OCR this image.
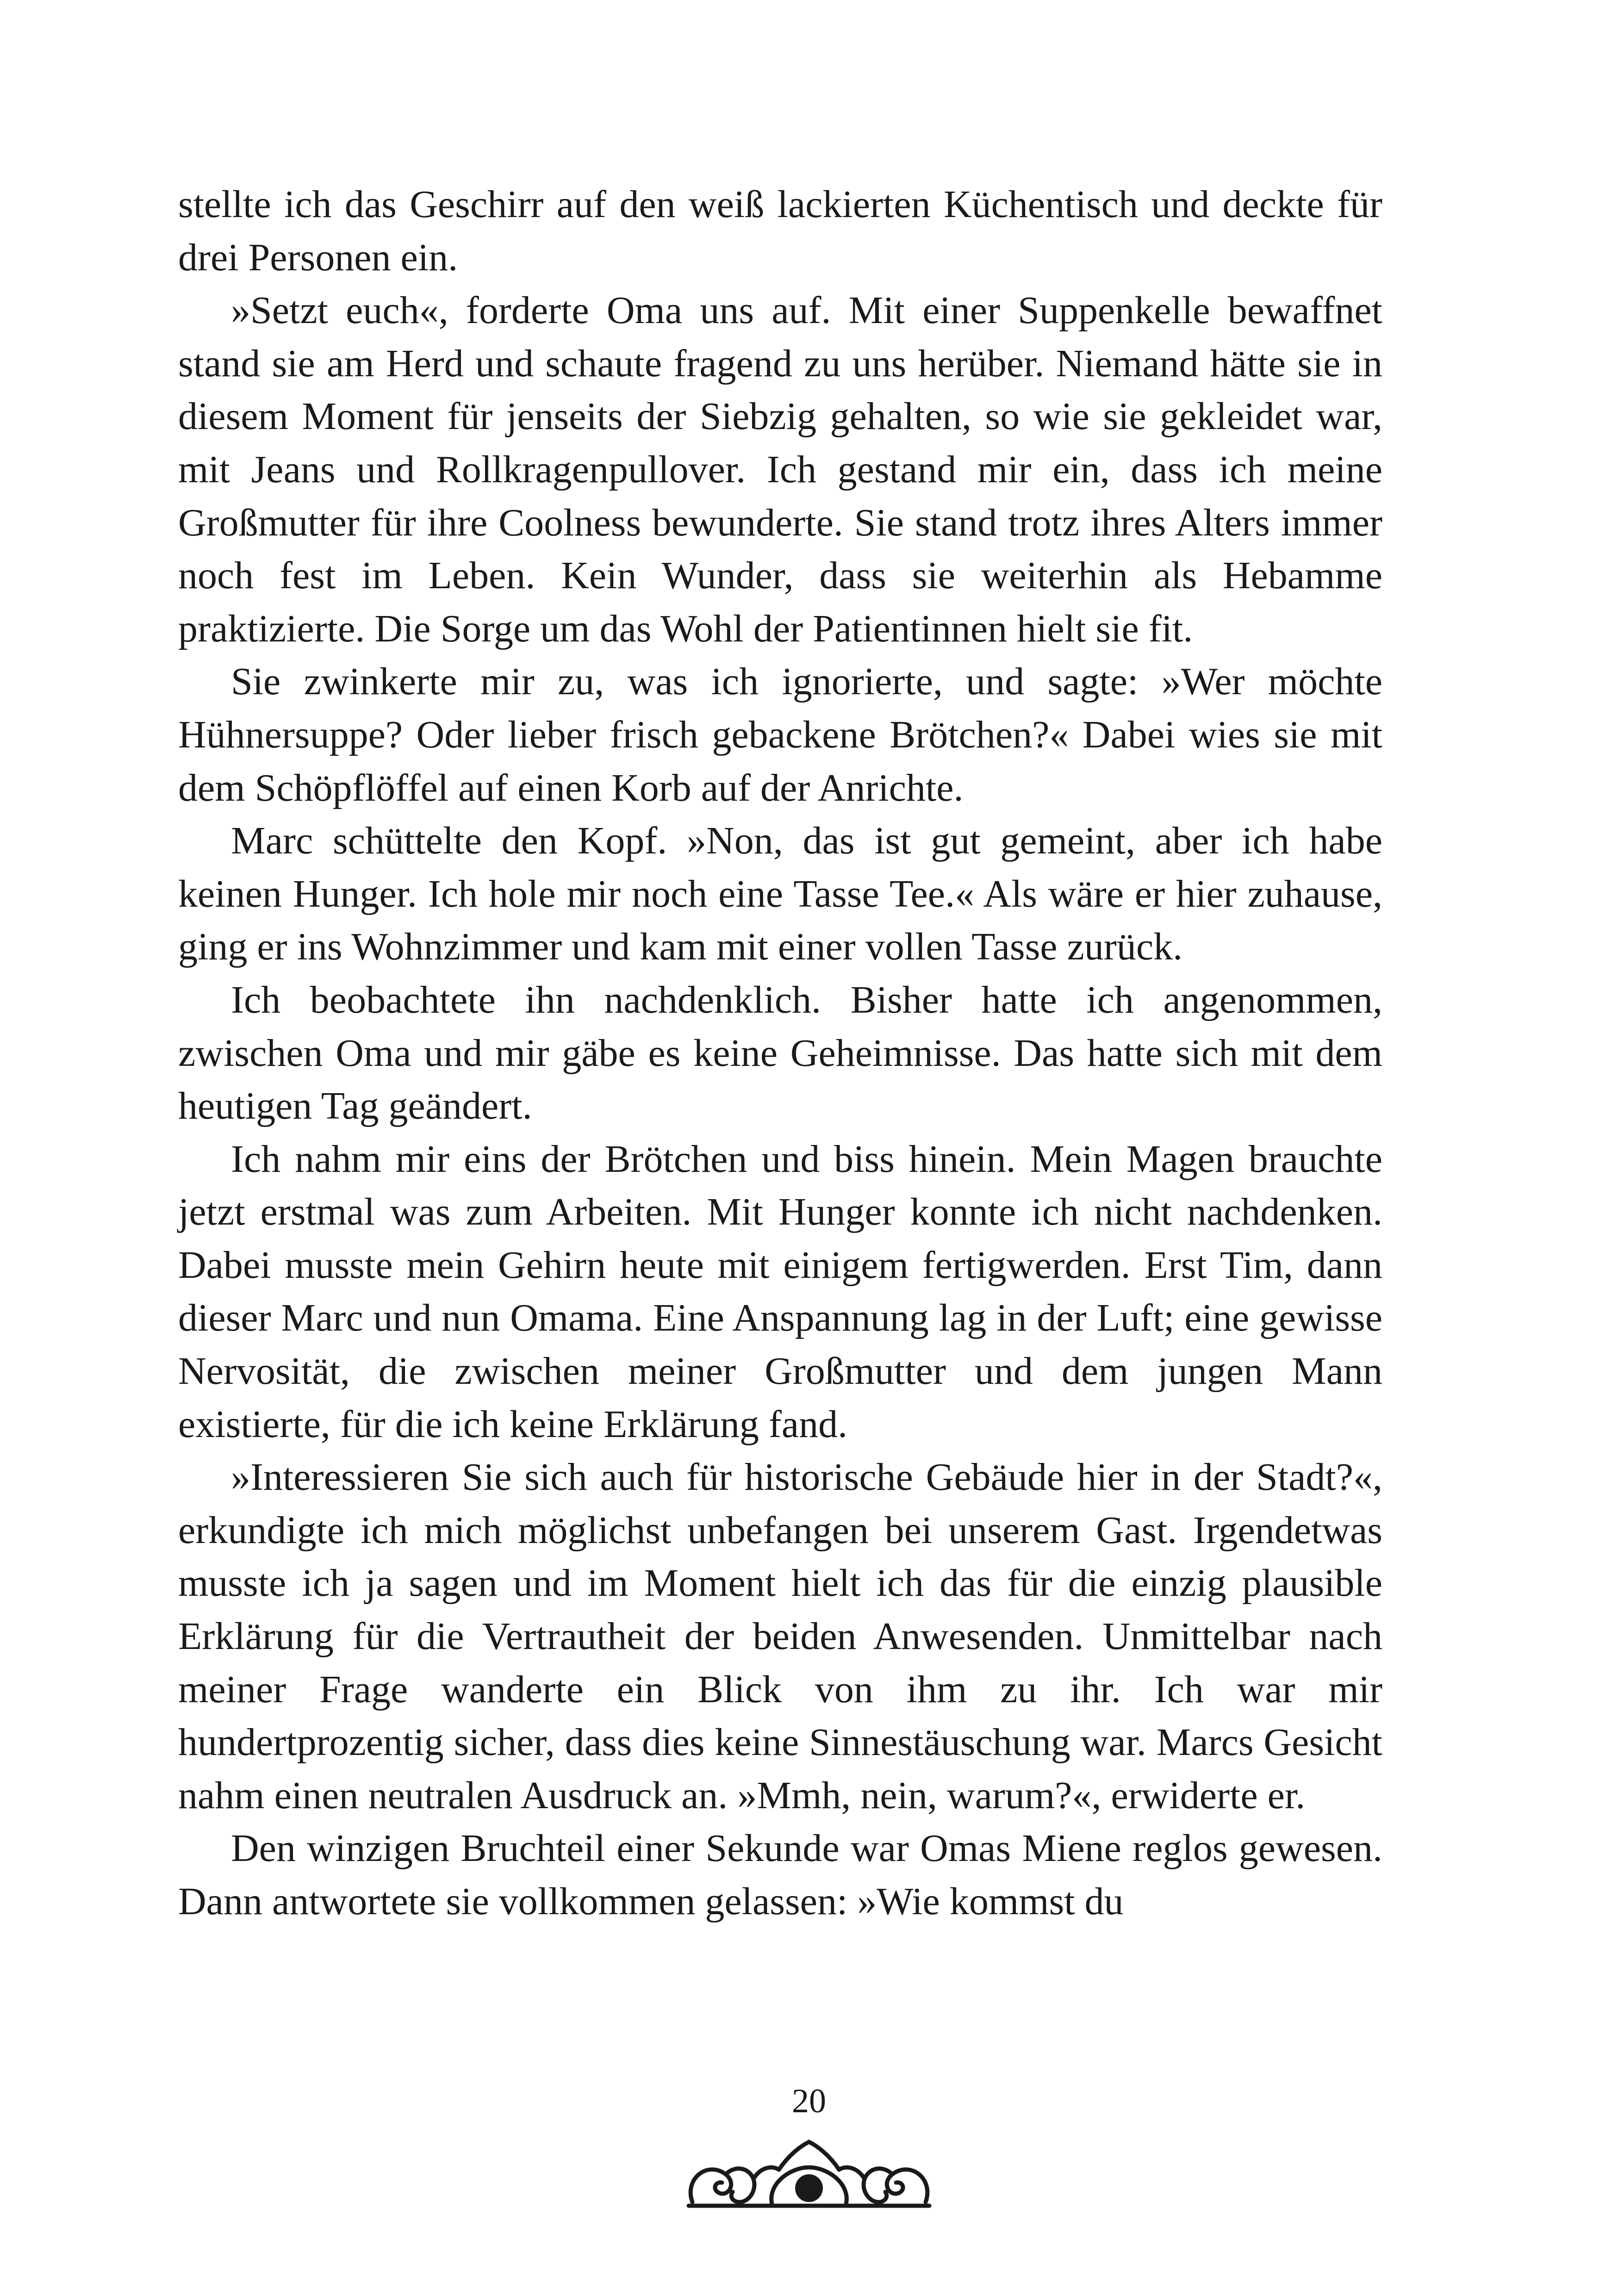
stellte ich das Geschirr auf den weiß lackierten Küchentisch und deckte für drei Personen ein.

»Setzt euch«, forderte Oma uns auf. Mit einer Suppenkelle bewaffnet stand sie am Herd und schaute fragend zu uns herüber. Niemand hätte sie in diesem Moment für jenseits der Siebzig gehalten, so wie sie gekleidet war, mit Jeans und Rollkragenpullover. Ich gestand mir ein, dass ich meine Großmutter für ihre Coolness bewunderte. Sie stand trotz ihres Alters immer noch fest im Leben. Kein Wunder, dass sie weiterhin als Hebamme praktizierte. Die Sorge um das Wohl der Patientinnen hielt sie fit.

Sie zwinkerte mir zu, was ich ignorierte, und sagte: »Wer möchte Hühnersuppe? Oder lieber frisch gebackene Brötchen?« Dabei wies sie mit dem Schöpflöffel auf einen Korb auf der Anrichte.

Marc schüttelte den Kopf. »Non, das ist gut gemeint, aber ich habe keinen Hunger. Ich hole mir noch eine Tasse Tee.« Als wäre er hier zuhause, ging er ins Wohnzimmer und kam mit einer vollen Tasse zurück.

Ich beobachtete ihn nachdenklich. Bisher hatte ich angenommen, zwischen Oma und mir gäbe es keine Geheimnisse. Das hatte sich mit dem heutigen Tag geändert.

Ich nahm mir eins der Brötchen und biss hinein. Mein Magen brauchte jetzt erstmal was zum Arbeiten. Mit Hunger konnte ich nicht nachdenken. Dabei musste mein Gehirn heute mit einigem fertigwerden. Erst Tim, dann dieser Marc und nun Omama. Eine Anspannung lag in der Luft; eine gewisse Nervosität, die zwischen meiner Großmutter und dem jungen Mann existierte, für die ich keine Erklärung fand.

»Interessieren Sie sich auch für historische Gebäude hier in der Stadt?«, erkundigte ich mich möglichst unbefangen bei unserem Gast. Irgendetwas musste ich ja sagen und im Moment hielt ich das für die einzig plausible Erklärung für die Vertrautheit der beiden Anwesenden. Unmittelbar nach meiner Frage wanderte ein Blick von ihm zu ihr. Ich war mir hundertprozentig sicher, dass dies keine Sinnestäuschung war. Marcs Gesicht nahm einen neutralen Ausdruck an. »Mmh, nein, warum?«, erwiderte er.

Den winzigen Bruchteil einer Sekunde war Omas Miene reglos gewesen. Dann antwortete sie vollkommen gelassen: »Wie kommst du

20
